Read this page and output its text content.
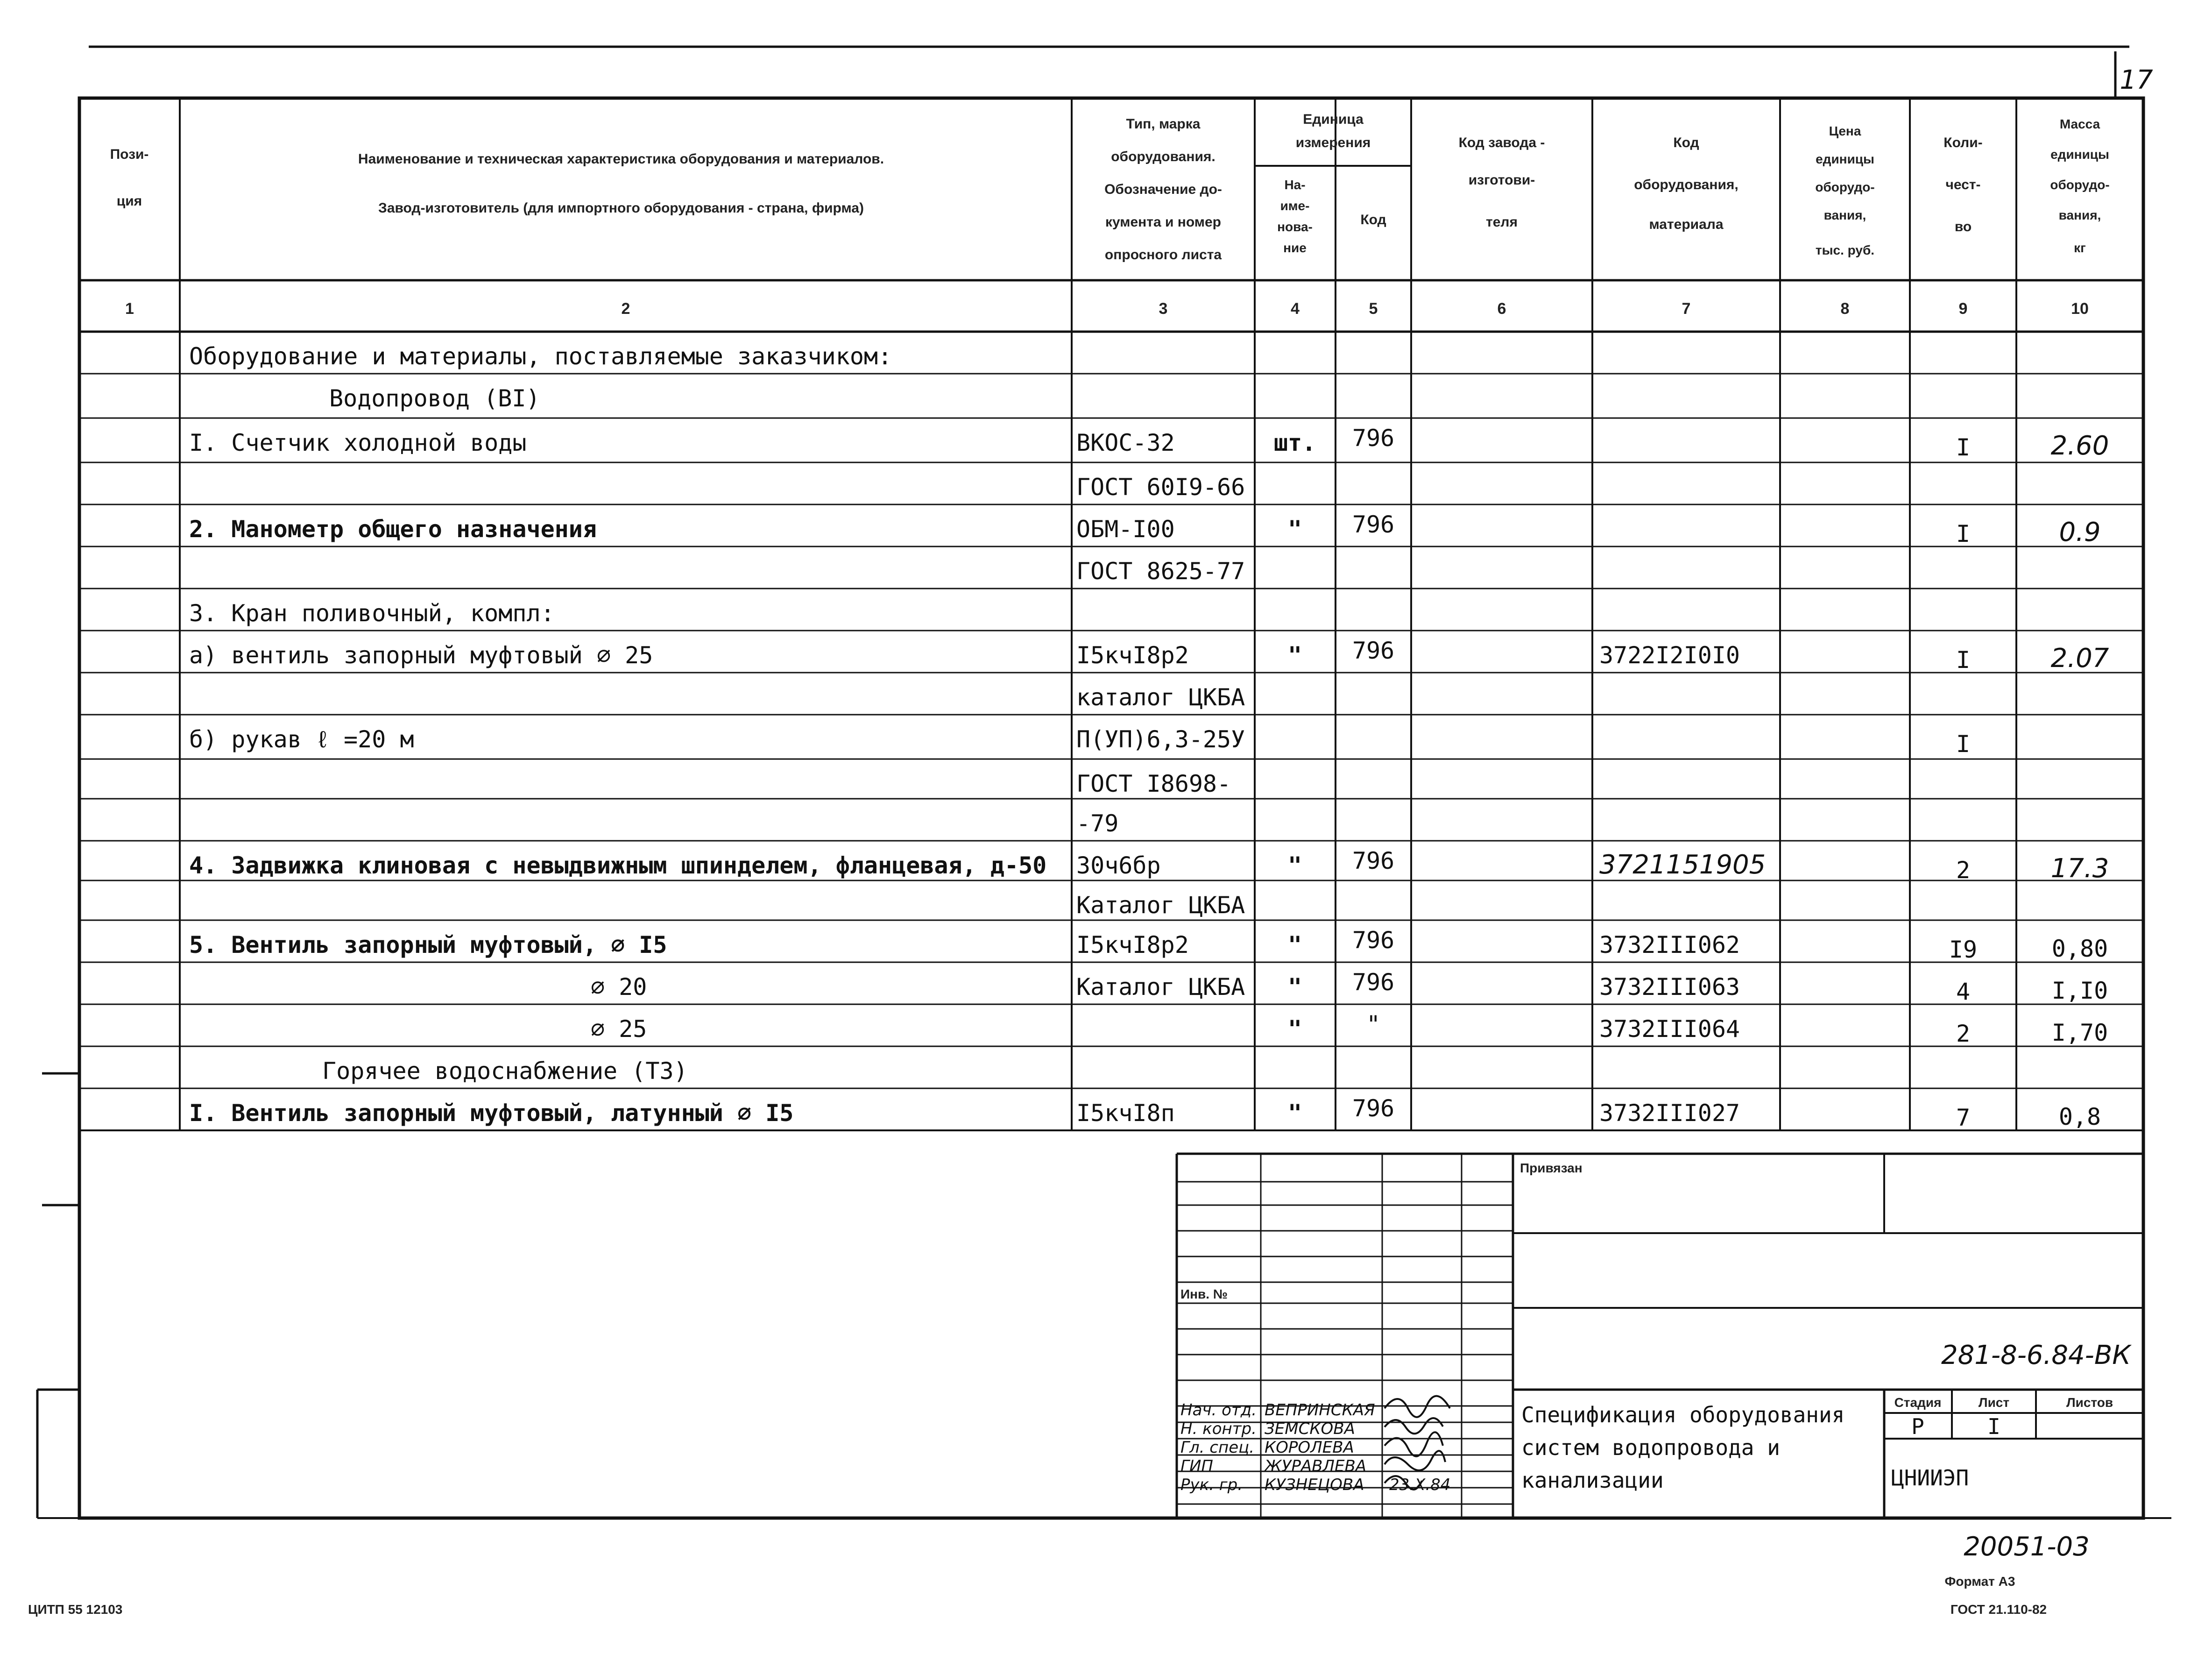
17
Пози-
ция
Наименование и техническая характеристика оборудования и материалов.
Завод-изготовитель (для импортного оборудования - страна, фирма)
Тип, марка
оборудования.
Обозначение до-
кумента и номер
опросного листа
Единица
измерения
На-
имe-
нова-
ние
Код
Код завода -
изготови-
теля
Код
оборудования,
материала
Цена
единицы
оборудо-
вания,
тыс. руб.
Коли-
чест-
во
Масса
единицы
оборудо-
вания,
кг
1	2	3	4	5	6	7	8	9	10
Оборудование и материалы, поставляемые заказчиком:
Водопровод (ВI)
I. Счетчик холодной воды	ВКОС-32	шт. 796	I	2.60
ГОСТ 60I9-66
2. Манометр общего назначения	ОБМ-I00	" 796	I	0.9
ГОСТ 8625-77
3. Кран поливочный, компл:
а) вентиль запорный муфтовый ∅ 25	I5кчI8р2	" 796	3722I2I0I0	I	2.07
каталог ЦКБА
б) рукав ℓ =20 м	П(УП)6,3-25У	I
ГОСТ I8698-
-79
4. Задвижка клиновая с невыдвижным шпинделем, фланцевая, д-50 30ч6бр	" 796	3721151905	2	17.3
Каталог ЦКБА
5. Вентиль запорный муфтовый, ∅ I5	I5кчI8р2	" 796	3732III062	I9	0,80
∅ 20	Каталог ЦКБА " 796	3732III063	4	I,I0
∅ 25	"	"	3732III064	2	I,70
Горячее водоснабжение (Т3)
I. Вентиль запорный муфтовый, латунный ∅ I5	I5кчI8п	" 796	3732III027	7	0,8
Привязан
Инв. №
281-8-6.84-ВК
Нач. отд.
Н. контр.
Гл. спец.
ГИП
Рук. гр.
ВЕПРИНСКАЯ
ЗЕМСКОВА
КОРОЛЕВА
ЖУРАВЛЕВА
КУЗНЕЦОВА 23.X.84
Спецификация оборудования
систем водопровода и
канализации
Стадия	Лист	Листов
Р	I
ЦНИИЭП
20051-03
Формат А3
ГОСТ 21.110-82
ЦИТП 55 12103
